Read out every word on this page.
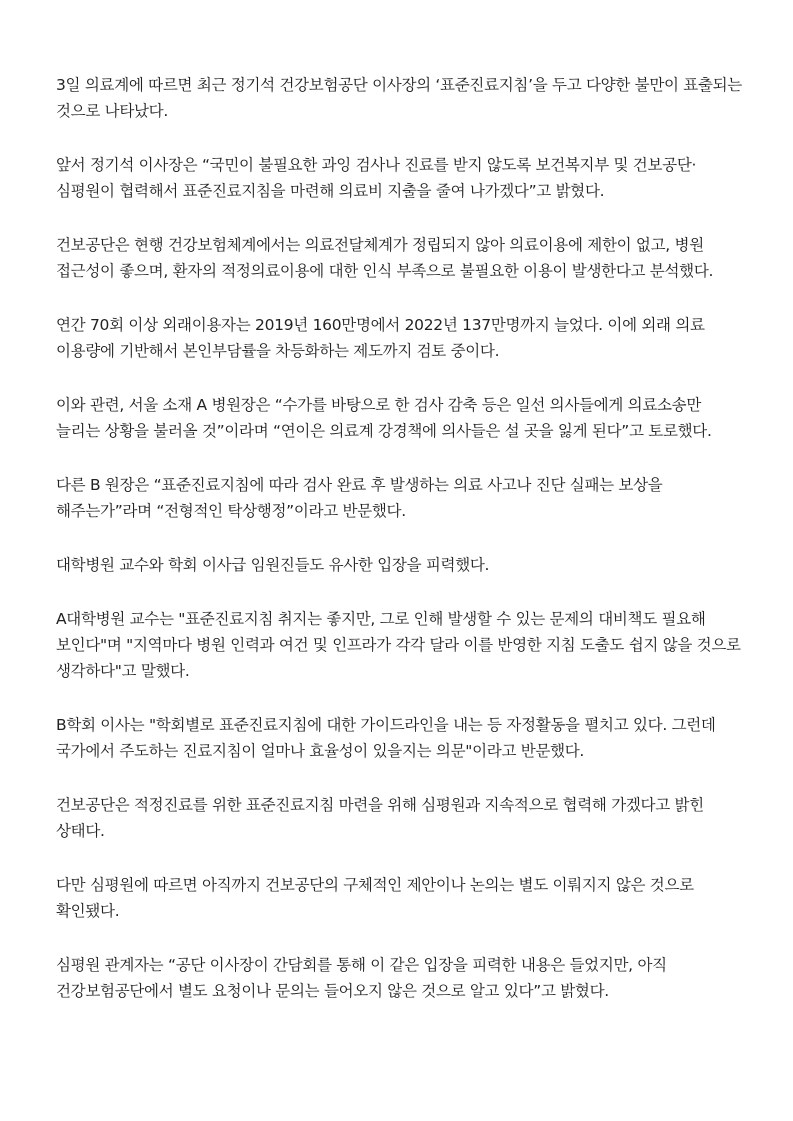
3일 의료계에 따르면 최근 정기석 건강보험공단 이사장의 ‘표준진료지침’을 두고 다양한 불만이 표출되는 것으로 나타났다.

앞서 정기석 이사장은 “국민이 불필요한 과잉 검사나 진료를 받지 않도록 보건복지부 및 건보공단·심평원이 협력해서 표준진료지침을 마련해 의료비 지출을 줄여 나가겠다”고 밝혔다.

건보공단은 현행 건강보험체계에서는 의료전달체계가 정립되지 않아 의료이용에 제한이 없고, 병원 접근성이 좋으며, 환자의 적정의료이용에 대한 인식 부족으로 불필요한 이용이 발생한다고 분석했다.

연간 70회 이상 외래이용자는 2019년 160만명에서 2022년 137만명까지 늘었다. 이에 외래 의료 이용량에 기반해서 본인부담률을 차등화하는 제도까지 검토 중이다.

이와 관련, 서울 소재 A 병원장은 “수가를 바탕으로 한 검사 감축 등은 일선 의사들에게 의료소송만 늘리는 상황을 불러올 것”이라며 “연이은 의료계 강경책에 의사들은 설 곳을 잃게 된다”고 토로했다.

다른 B 원장은 “표준진료지침에 따라 검사 완료 후 발생하는 의료 사고나 진단 실패는 보상을 해주는가”라며 “전형적인 탁상행정”이라고 반문했다.

대학병원 교수와 학회 이사급 임원진들도 유사한 입장을 피력했다.

A대학병원 교수는 "표준진료지침 취지는 좋지만, 그로 인해 발생할 수 있는 문제의 대비책도 필요해 보인다"며 "지역마다 병원 인력과 여건 및 인프라가 각각 달라 이를 반영한 지침 도출도 쉽지 않을 것으로 생각하다"고 말했다.

B학회 이사는 "학회별로 표준진료지침에 대한 가이드라인을 내는 등 자정활동을 펼치고 있다. 그런데 국가에서 주도하는 진료지침이 얼마나 효율성이 있을지는 의문"이라고 반문했다.

건보공단은 적정진료를 위한 표준진료지침 마련을 위해 심평원과 지속적으로 협력해 가겠다고 밝힌 상태다.

다만 심평원에 따르면 아직까지 건보공단의 구체적인 제안이나 논의는 별도 이뤄지지 않은 것으로 확인됐다.

심평원 관계자는 “공단 이사장이 간담회를 통해 이 같은 입장을 피력한 내용은 들었지만, 아직 건강보험공단에서 별도 요청이나 문의는 들어오지 않은 것으로 알고 있다”고 밝혔다.
